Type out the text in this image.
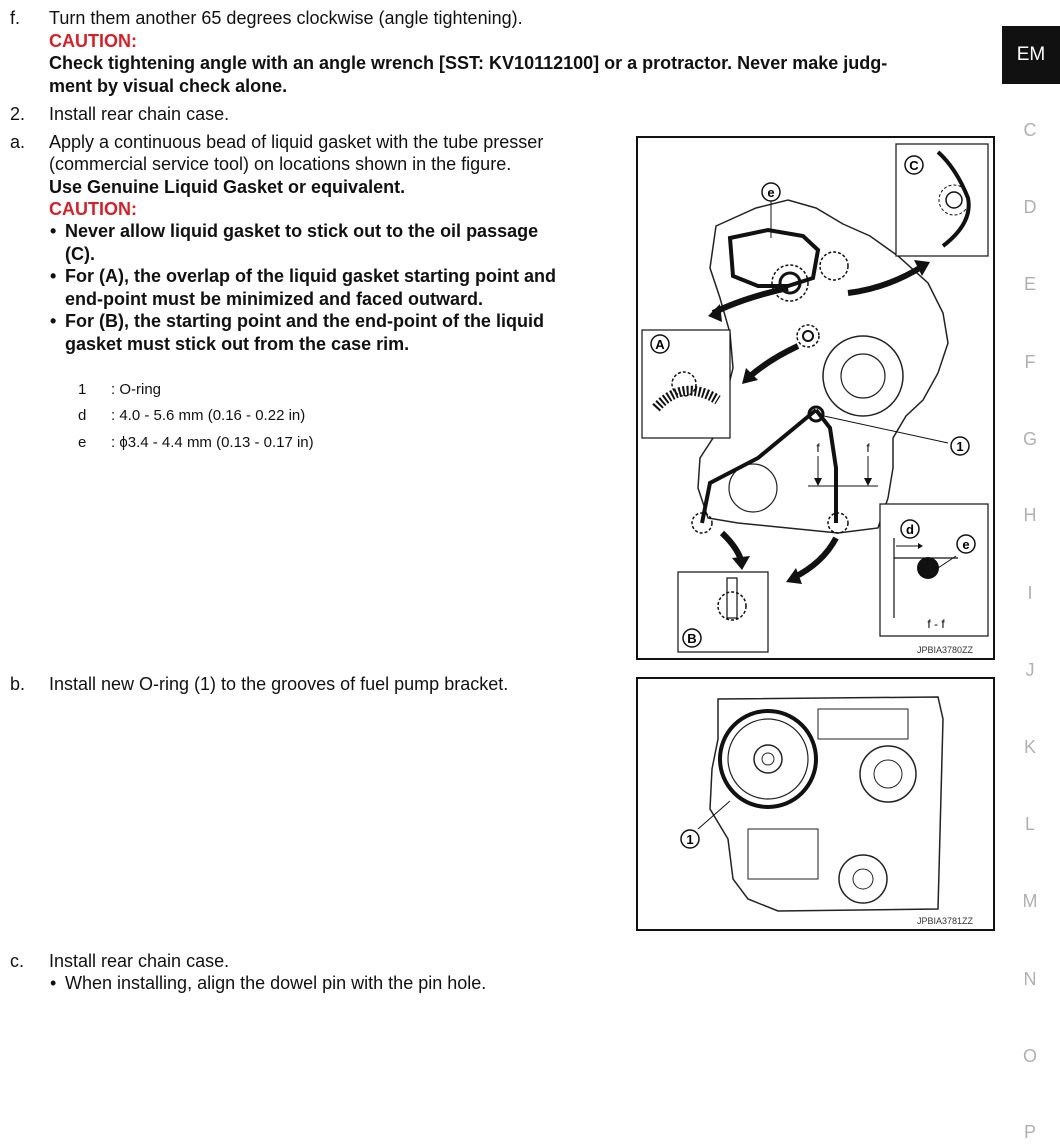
f. Turn them another 65 degrees clockwise (angle tightening).
CAUTION:
Check tightening angle with an angle wrench [SST: KV10112100] or a protractor. Never make judg-
ment by visual check alone.
2. Install rear chain case.
a. Apply a continuous bead of liquid gasket with the tube presser
(commercial service tool) on locations shown in the figure.
Use Genuine Liquid Gasket or equivalent.
CAUTION:
• Never allow liquid gasket to stick out to the oil passage
(C).
• For (A), the overlap of the liquid gasket starting point and
end-point must be minimized and faced outward.
• For (B), the starting point and the end-point of the liquid
gasket must stick out from the case rim.
1 : O-ring
d : 4.0 - 5.6 mm (0.16 - 0.22 in)
e : ϕ3.4 - 4.4 mm (0.13 - 0.17 in)
C
e
A
B
1
f	f
d
e
f - f
JPBIA3780ZZ
b. Install new O-ring (1) to the grooves of fuel pump bracket.
1
JPBIA3781ZZ
c. Install rear chain case.
• When installing, align the dowel pin with the pin hole.
EM
C
D
E
F
G
H
I
J
K
L
M
N
O
P
